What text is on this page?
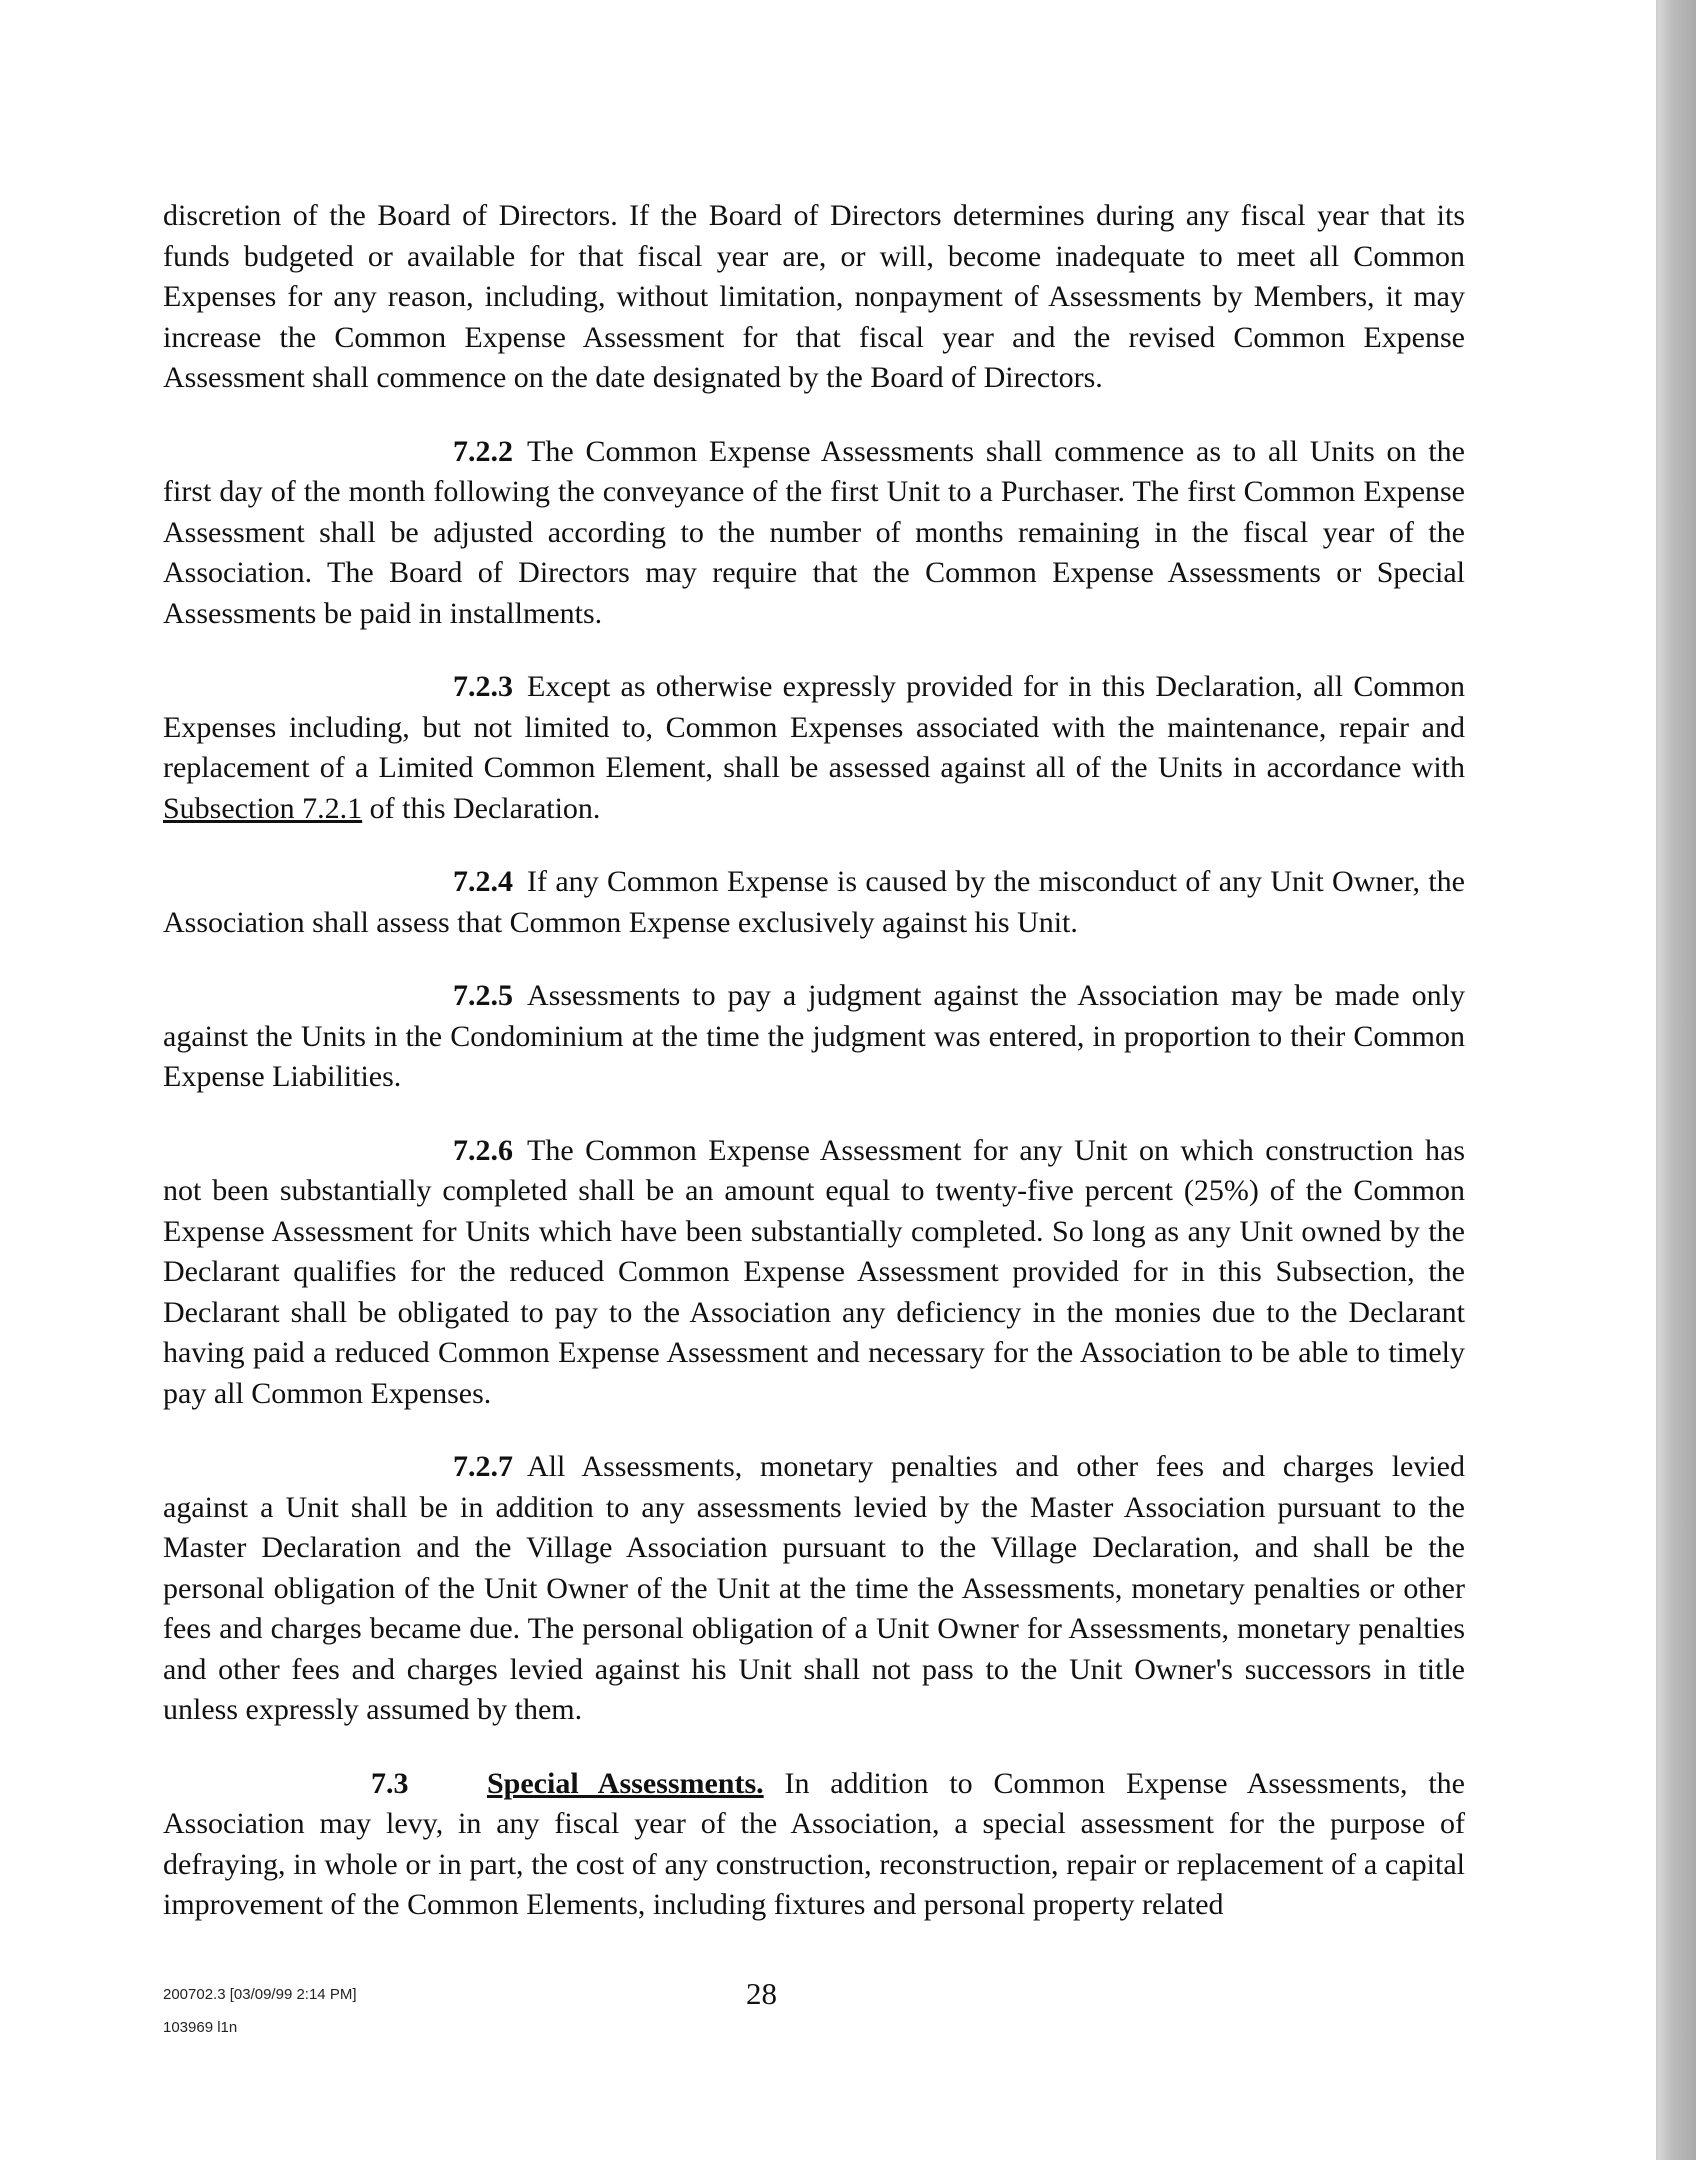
discretion of the Board of Directors. If the Board of Directors determines during any fiscal year that its funds budgeted or available for that fiscal year are, or will, become inadequate to meet all Common Expenses for any reason, including, without limitation, nonpayment of Assessments by Members, it may increase the Common Expense Assessment for that fiscal year and the revised Common Expense Assessment shall commence on the date designated by the Board of Directors.

7.2.2 The Common Expense Assessments shall commence as to all Units on the first day of the month following the conveyance of the first Unit to a Purchaser. The first Common Expense Assessment shall be adjusted according to the number of months remaining in the fiscal year of the Association. The Board of Directors may require that the Common Expense Assessments or Special Assessments be paid in installments.

7.2.3 Except as otherwise expressly provided for in this Declaration, all Common Expenses including, but not limited to, Common Expenses associated with the maintenance, repair and replacement of a Limited Common Element, shall be assessed against all of the Units in accordance with Subsection 7.2.1 of this Declaration.

7.2.4 If any Common Expense is caused by the misconduct of any Unit Owner, the Association shall assess that Common Expense exclusively against his Unit.

7.2.5 Assessments to pay a judgment against the Association may be made only against the Units in the Condominium at the time the judgment was entered, in proportion to their Common Expense Liabilities.

7.2.6 The Common Expense Assessment for any Unit on which construction has not been substantially completed shall be an amount equal to twenty-five percent (25%) of the Common Expense Assessment for Units which have been substantially completed. So long as any Unit owned by the Declarant qualifies for the reduced Common Expense Assessment provided for in this Subsection, the Declarant shall be obligated to pay to the Association any deficiency in the monies due to the Declarant having paid a reduced Common Expense Assessment and necessary for the Association to be able to timely pay all Common Expenses.

7.2.7 All Assessments, monetary penalties and other fees and charges levied against a Unit shall be in addition to any assessments levied by the Master Association pursuant to the Master Declaration and the Village Association pursuant to the Village Declaration, and shall be the personal obligation of the Unit Owner of the Unit at the time the Assessments, monetary penalties or other fees and charges became due. The personal obligation of a Unit Owner for Assessments, monetary penalties and other fees and charges levied against his Unit shall not pass to the Unit Owner's successors in title unless expressly assumed by them.

7.3	Special Assessments. In addition to Common Expense Assessments, the Association may levy, in any fiscal year of the Association, a special assessment for the purpose of defraying, in whole or in part, the cost of any construction, reconstruction, repair or replacement of a capital improvement of the Common Elements, including fixtures and personal property related

200702.3 [03/09/99 2:14 PM]
103969 l1n
28
